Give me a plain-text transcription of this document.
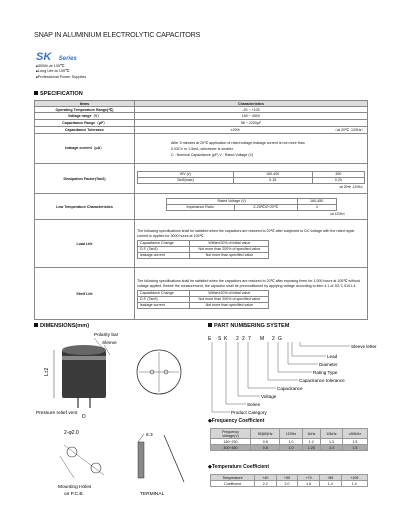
SNAP IN ALUMINIUM ELECTROLYTIC CAPACITORS
SK Series
■ 3000h at 105℃
■ Long Life at 105℃
■ Professional Power Supplies
SPECIFICATION
Items	Characteristics
Operating Temperature Range(℃)	-25 ~ +105
Voltage range（V）	160 ~ 450V
Capacitance Range（μF）	56 ~ 2200μF
Capacitance Tolerance	±20%	（at 20℃ ,120Hz）

leakage current（μA）	
After 5 minutes at 20℃ application of rated voltage,leakage current is not more than
0.03CV or 1.5mA, whichever is smaller
C : Nominal Capacitance (μF) V : Rated Voltage (V)

Dissipation Factor(Tanδ)	
WV (v)	160-400	450
Tanδ(max)	0.15	0.20
（at 20℃ ,120Hz）

Low Temperature Characteristics	
Rated Voltage (V)	160-450
Impedance Ratio	Z-25℃/Z+20℃	4
（at 120Hz）

Load Life	
The following specifications shall be satisfied when the capacitors are restored to 20℃ after subjected to DC voltage with the rated ripple current is applied for 3000 hours at 105℃.
Capacitance Change	Within±20% of initial value
D.F. (Tanδ)	Not more than 200% of specified value
leakage current	Not more than specified value

Shelf Life	
The following specifications shall be satisfied when the capacitors are restored to 20℃ after exposing them for 1,000 hours at 105℃ without voltage applied. Before the measurement, the capacitor shall be preconditioned by applying voltage according to item 4.1 of JIS C 5101-4.
Capacitance Change	Within±20% of initial value
D.F. (Tanδ)	Not more than 200% of specified value
leakage current	Not more than specified value
DIMENSIONS(mm)
L±2
D
Polarity bar
Sleeve
Pressure relief vent
2-φ2.0
Mounting Holes
on P.C.B.
6.3
TERMINAL
PART NUMBERING SYSTEM
E S K 2 2 7 M 2 G
Sleeve letter
Lead
Diameter
Rating Type
Capacitance tolerance
Capacitance
Voltage
Series
Product Category
◆Frequency Coefficient
Frequency
Voltage(V)	50(60)Hz	120Hz	1kHz	10kHz	≥50kHz
160~250	0.8	1.0	1.2	1.3	1.5
400~450	0.8	1.0	1.25	1.4	1.5
◆Temperature Coefficient
Temperature	+40	+55	+70	+85	+105
Coefficient	2.2	2.0	1.8	1.4	1.0
